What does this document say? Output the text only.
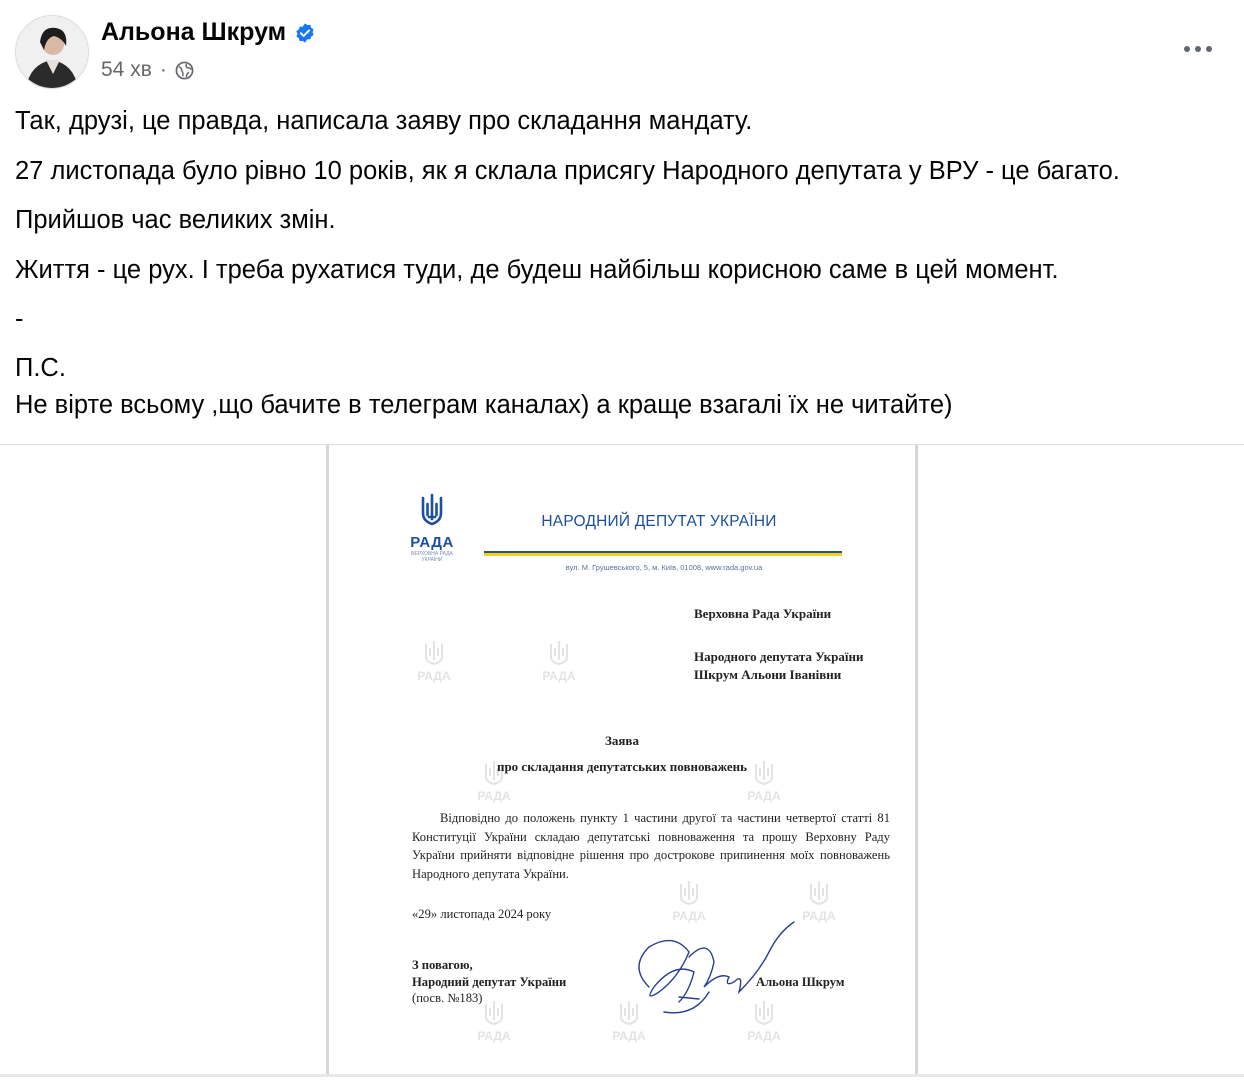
Альона Шкрум
54 хв ·

Так, друзі, це правда, написала заяву про складання мандату.

27 листопада було рівно 10 років, як я склала присягу Народного депутата у ВРУ - це багато.

Прийшов час великих змін.

Життя - це рух. І треба рухатися туди, де будеш найбільш корисною саме в цей момент.

-

П.С.

Не вірте всьому ,що бачите в телеграм каналах) а краще взагалі їх не читайте)

РАДА	РАДА
РАДА	РАДА
РАДА
РАДА
РАДА	РАДА	РАДА
РАДА
ВЕРХОВНА РАДА УКРАЇНИ
НАРОДНИЙ ДЕПУТАТ УКРАЇНИ
вул. М. Грушевського, 5, м. Київ, 01008, www.rada.gov.ua
Верховна Рада України
Народного депутата України
Шкрум Альони Іванівни
Заява
про складання депутатських повноважень
Відповідно до положень пункту 1 частини другої та частини четвертої статті 81 Конституції України складаю депутатські повноваження та прошу Верховну Раду України прийняти відповідне рішення про дострокове припинення моїх повноважень Народного депутата України.
«29» листопада 2024 року
З повагою,
Народний депутат України
(посв. №183)
Альона Шкрум
